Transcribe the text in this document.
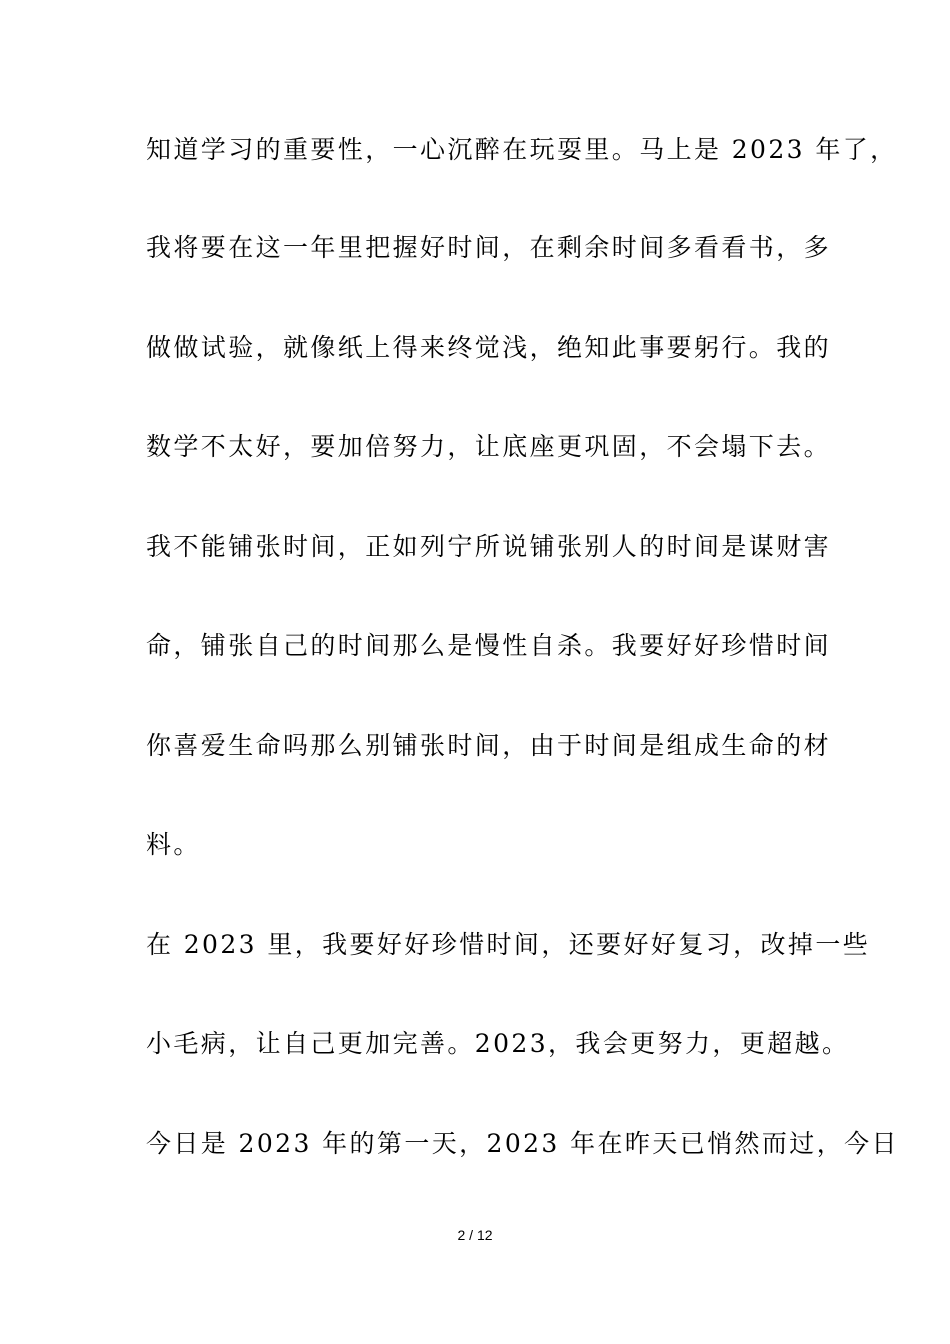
知道学习的重要性，一心沉醉在玩耍里。马上是 2023 年了，
我将要在这一年里把握好时间，在剩余时间多看看书，多
做做试验，就像纸上得来终觉浅，绝知此事要躬行。我的
数学不太好，要加倍努力，让底座更巩固，不会塌下去。
我不能铺张时间，正如列宁所说铺张别人的时间是谋财害
命，铺张自己的时间那么是慢性自杀。我要好好珍惜时间
你喜爱生命吗那么别铺张时间，由于时间是组成生命的材
料。
在 2023 里，我要好好珍惜时间，还要好好复习，改掉一些
小毛病，让自己更加完善。2023，我会更努力，更超越。
今日是 2023 年的第一天，2023 年在昨天已悄然而过，今日
2 / 12
